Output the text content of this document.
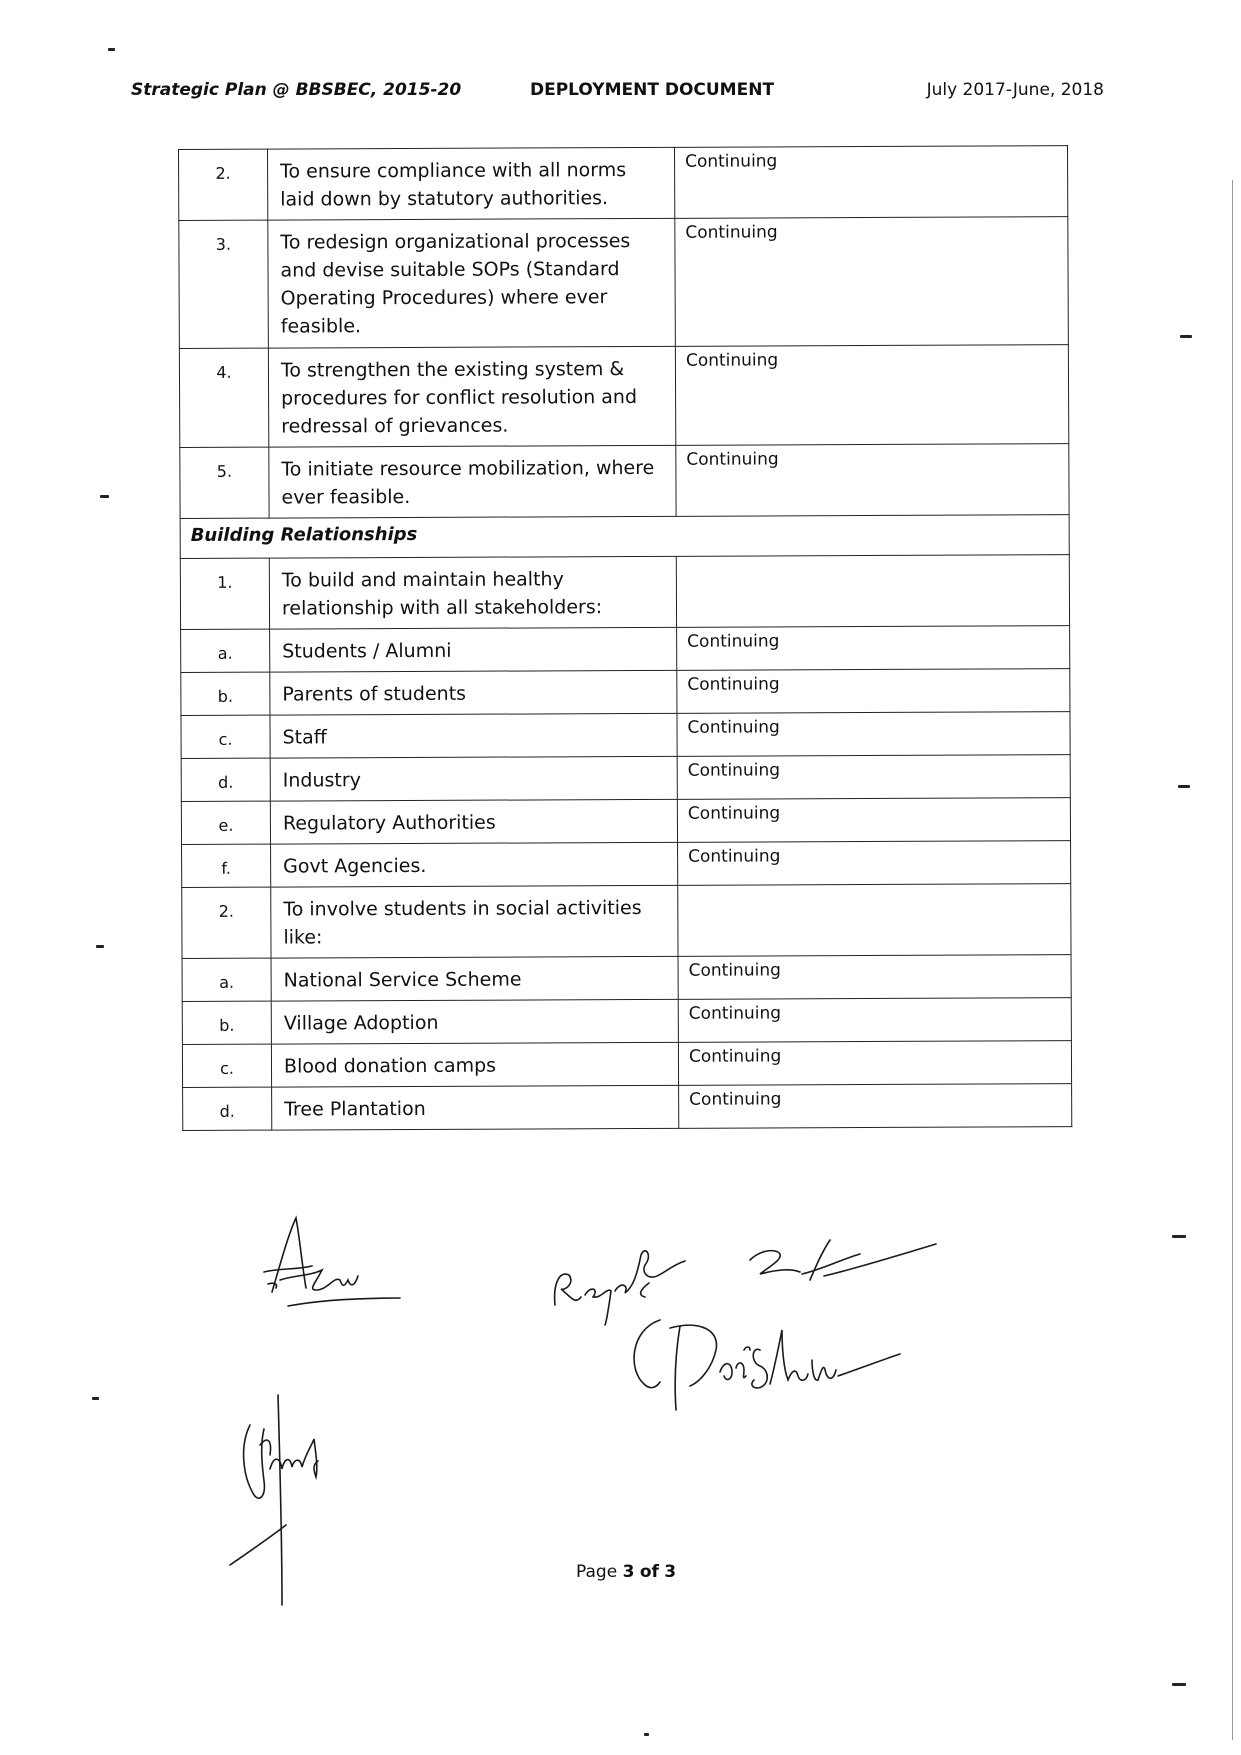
Strategic Plan @ BBSBEC, 2015-20	DEPLOYMENT DOCUMENT	July 2017-June, 2018
2.	To ensure compliance with all norms laid down by statutory authorities.	Continuing
3.	To redesign organizational processes and devise suitable SOPs (Standard Operating Procedures) where ever feasible.	Continuing
4.	To strengthen the existing system & procedures for conflict resolution and redressal of grievances.	Continuing
5.	To initiate resource mobilization, where ever feasible.	Continuing
Building Relationships		
1.	To build and maintain healthy relationship with all stakeholders:	
a.	Students / Alumni	Continuing
b.	Parents of students	Continuing
c.	Staff	Continuing
d.	Industry	Continuing
e.	Regulatory Authorities	Continuing
f.	Govt Agencies.	Continuing
2.	To involve students in social activities like:	
a.	National Service Scheme	Continuing
b.	Village Adoption	Continuing
c.	Blood donation camps	Continuing
d.	Tree Plantation	Continuing
Page 3 of 3
